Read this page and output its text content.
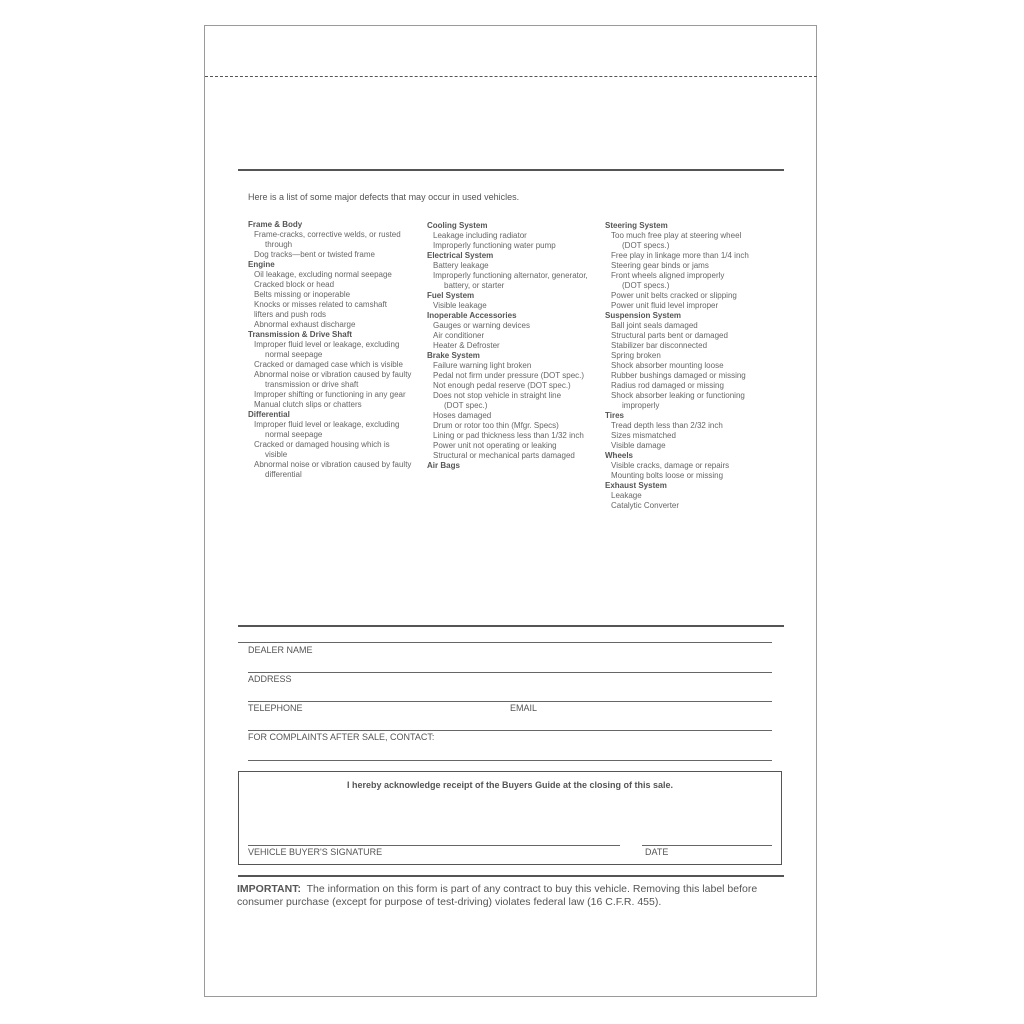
Here is a list of some major defects that may occur in used vehicles.
Frame & Body
Frame-cracks, corrective welds, or rusted
through
Dog tracks—bent or twisted frame
Engine
Oil leakage, excluding normal seepage
Cracked block or head
Belts missing or inoperable
Knocks or misses related to camshaft
lifters and push rods
Abnormal exhaust discharge
Transmission & Drive Shaft
Improper fluid level or leakage, excluding
normal seepage
Cracked or damaged case which is visible
Abnormal noise or vibration caused by faulty
transmission or drive shaft
Improper shifting or functioning in any gear
Manual clutch slips or chatters
Differential
Improper fluid level or leakage, excluding
normal seepage
Cracked or damaged housing which is
visible
Abnormal noise or vibration caused by faulty
differential
Cooling System
Leakage including radiator
Improperly functioning water pump
Electrical System
Battery leakage
Improperly functioning alternator, generator,
battery, or starter
Fuel System
Visible leakage
Inoperable Accessories
Gauges or warning devices
Air conditioner
Heater & Defroster
Brake System
Failure warning light broken
Pedal not firm under pressure (DOT spec.)
Not enough pedal reserve (DOT spec.)
Does not stop vehicle in straight line
(DOT spec.)
Hoses damaged
Drum or rotor too thin (Mfgr. Specs)
Lining or pad thickness less than 1/32 inch
Power unit not operating or leaking
Structural or mechanical parts damaged
Air Bags
Steering System
Too much free play at steering wheel
(DOT specs.)
Free play in linkage more than 1/4 inch
Steering gear binds or jams
Front wheels aligned improperly
(DOT specs.)
Power unit belts cracked or slipping
Power unit fluid level improper
Suspension System
Ball joint seals damaged
Structural parts bent or damaged
Stabilizer bar disconnected
Spring broken
Shock absorber mounting loose
Rubber bushings damaged or missing
Radius rod damaged or missing
Shock absorber leaking or functioning
improperly
Tires
Tread depth less than 2/32 inch
Sizes mismatched
Visible damage
Wheels
Visible cracks, damage or repairs
Mounting bolts loose or missing
Exhaust System
Leakage
Catalytic Converter
DEALER NAME
ADDRESS
TELEPHONE	EMAIL
FOR COMPLAINTS AFTER SALE, CONTACT:
I hereby acknowledge receipt of the Buyers Guide at the closing of this sale.
VEHICLE BUYER'S SIGNATURE	DATE
IMPORTANT: The information on this form is part of any contract to buy this vehicle. Removing this label before consumer purchase (except for purpose of test-driving) violates federal law (16 C.F.R. 455).
